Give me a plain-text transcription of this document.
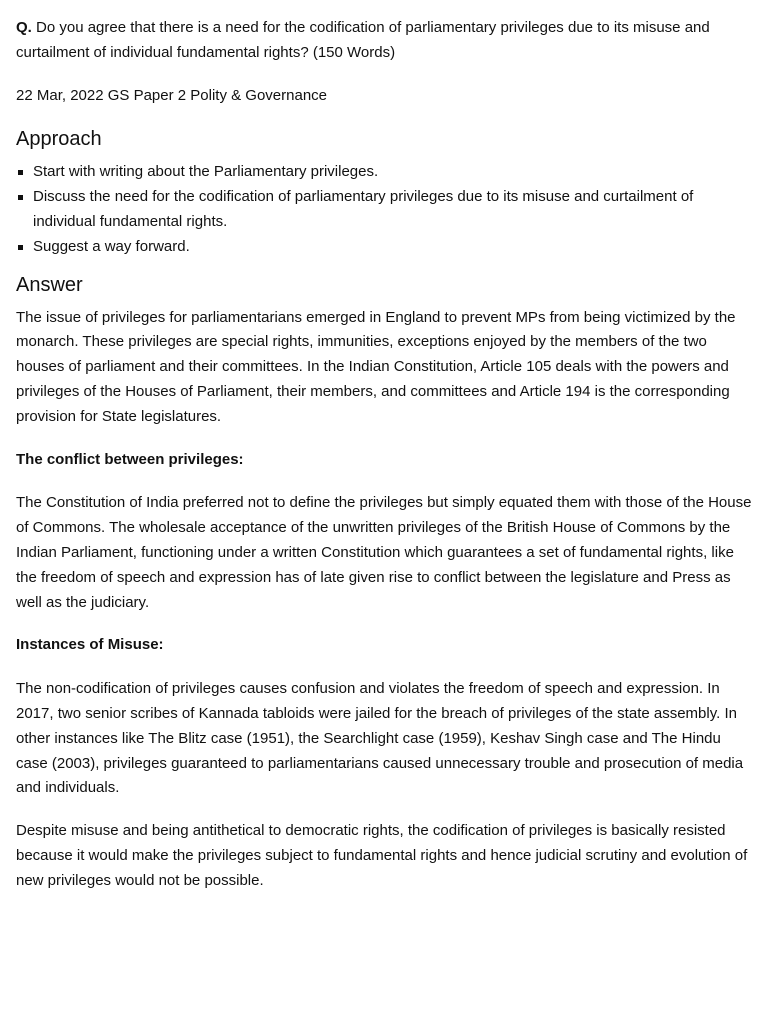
Q. Do you agree that there is a need for the codification of parliamentary privileges due to its misuse and curtailment of individual fundamental rights? (150 Words)
22 Mar, 2022 GS Paper 2 Polity & Governance
Approach
Start with writing about the Parliamentary privileges.
Discuss the need for the codification of parliamentary privileges due to its misuse and curtailment of individual fundamental rights.
Suggest a way forward.
Answer

The issue of privileges for parliamentarians emerged in England to prevent MPs from being victimized by the monarch. These privileges are special rights, immunities, exceptions enjoyed by the members of the two houses of parliament and their committees. In the Indian Constitution, Article 105 deals with the powers and privileges of the Houses of Parliament, their members, and committees and Article 194 is the corresponding provision for State legislatures.

The conflict between privileges:

The Constitution of India preferred not to define the privileges but simply equated them with those of the House of Commons. The wholesale acceptance of the unwritten privileges of the British House of Commons by the Indian Parliament, functioning under a written Constitution which guarantees a set of fundamental rights, like the freedom of speech and expression has of late given rise to conflict between the legislature and Press as well as the judiciary.

Instances of Misuse:

The non-codification of privileges causes confusion and violates the freedom of speech and expression. In 2017, two senior scribes of Kannada tabloids were jailed for the breach of privileges of the state assembly. In other instances like The Blitz case (1951), the Searchlight case (1959), Keshav Singh case and The Hindu case (2003), privileges guaranteed to parliamentarians caused unnecessary trouble and prosecution of media and individuals.

Despite misuse and being antithetical to democratic rights, the codification of privileges is basically resisted because it would make the privileges subject to fundamental rights and hence judicial scrutiny and evolution of new privileges would not be possible.
